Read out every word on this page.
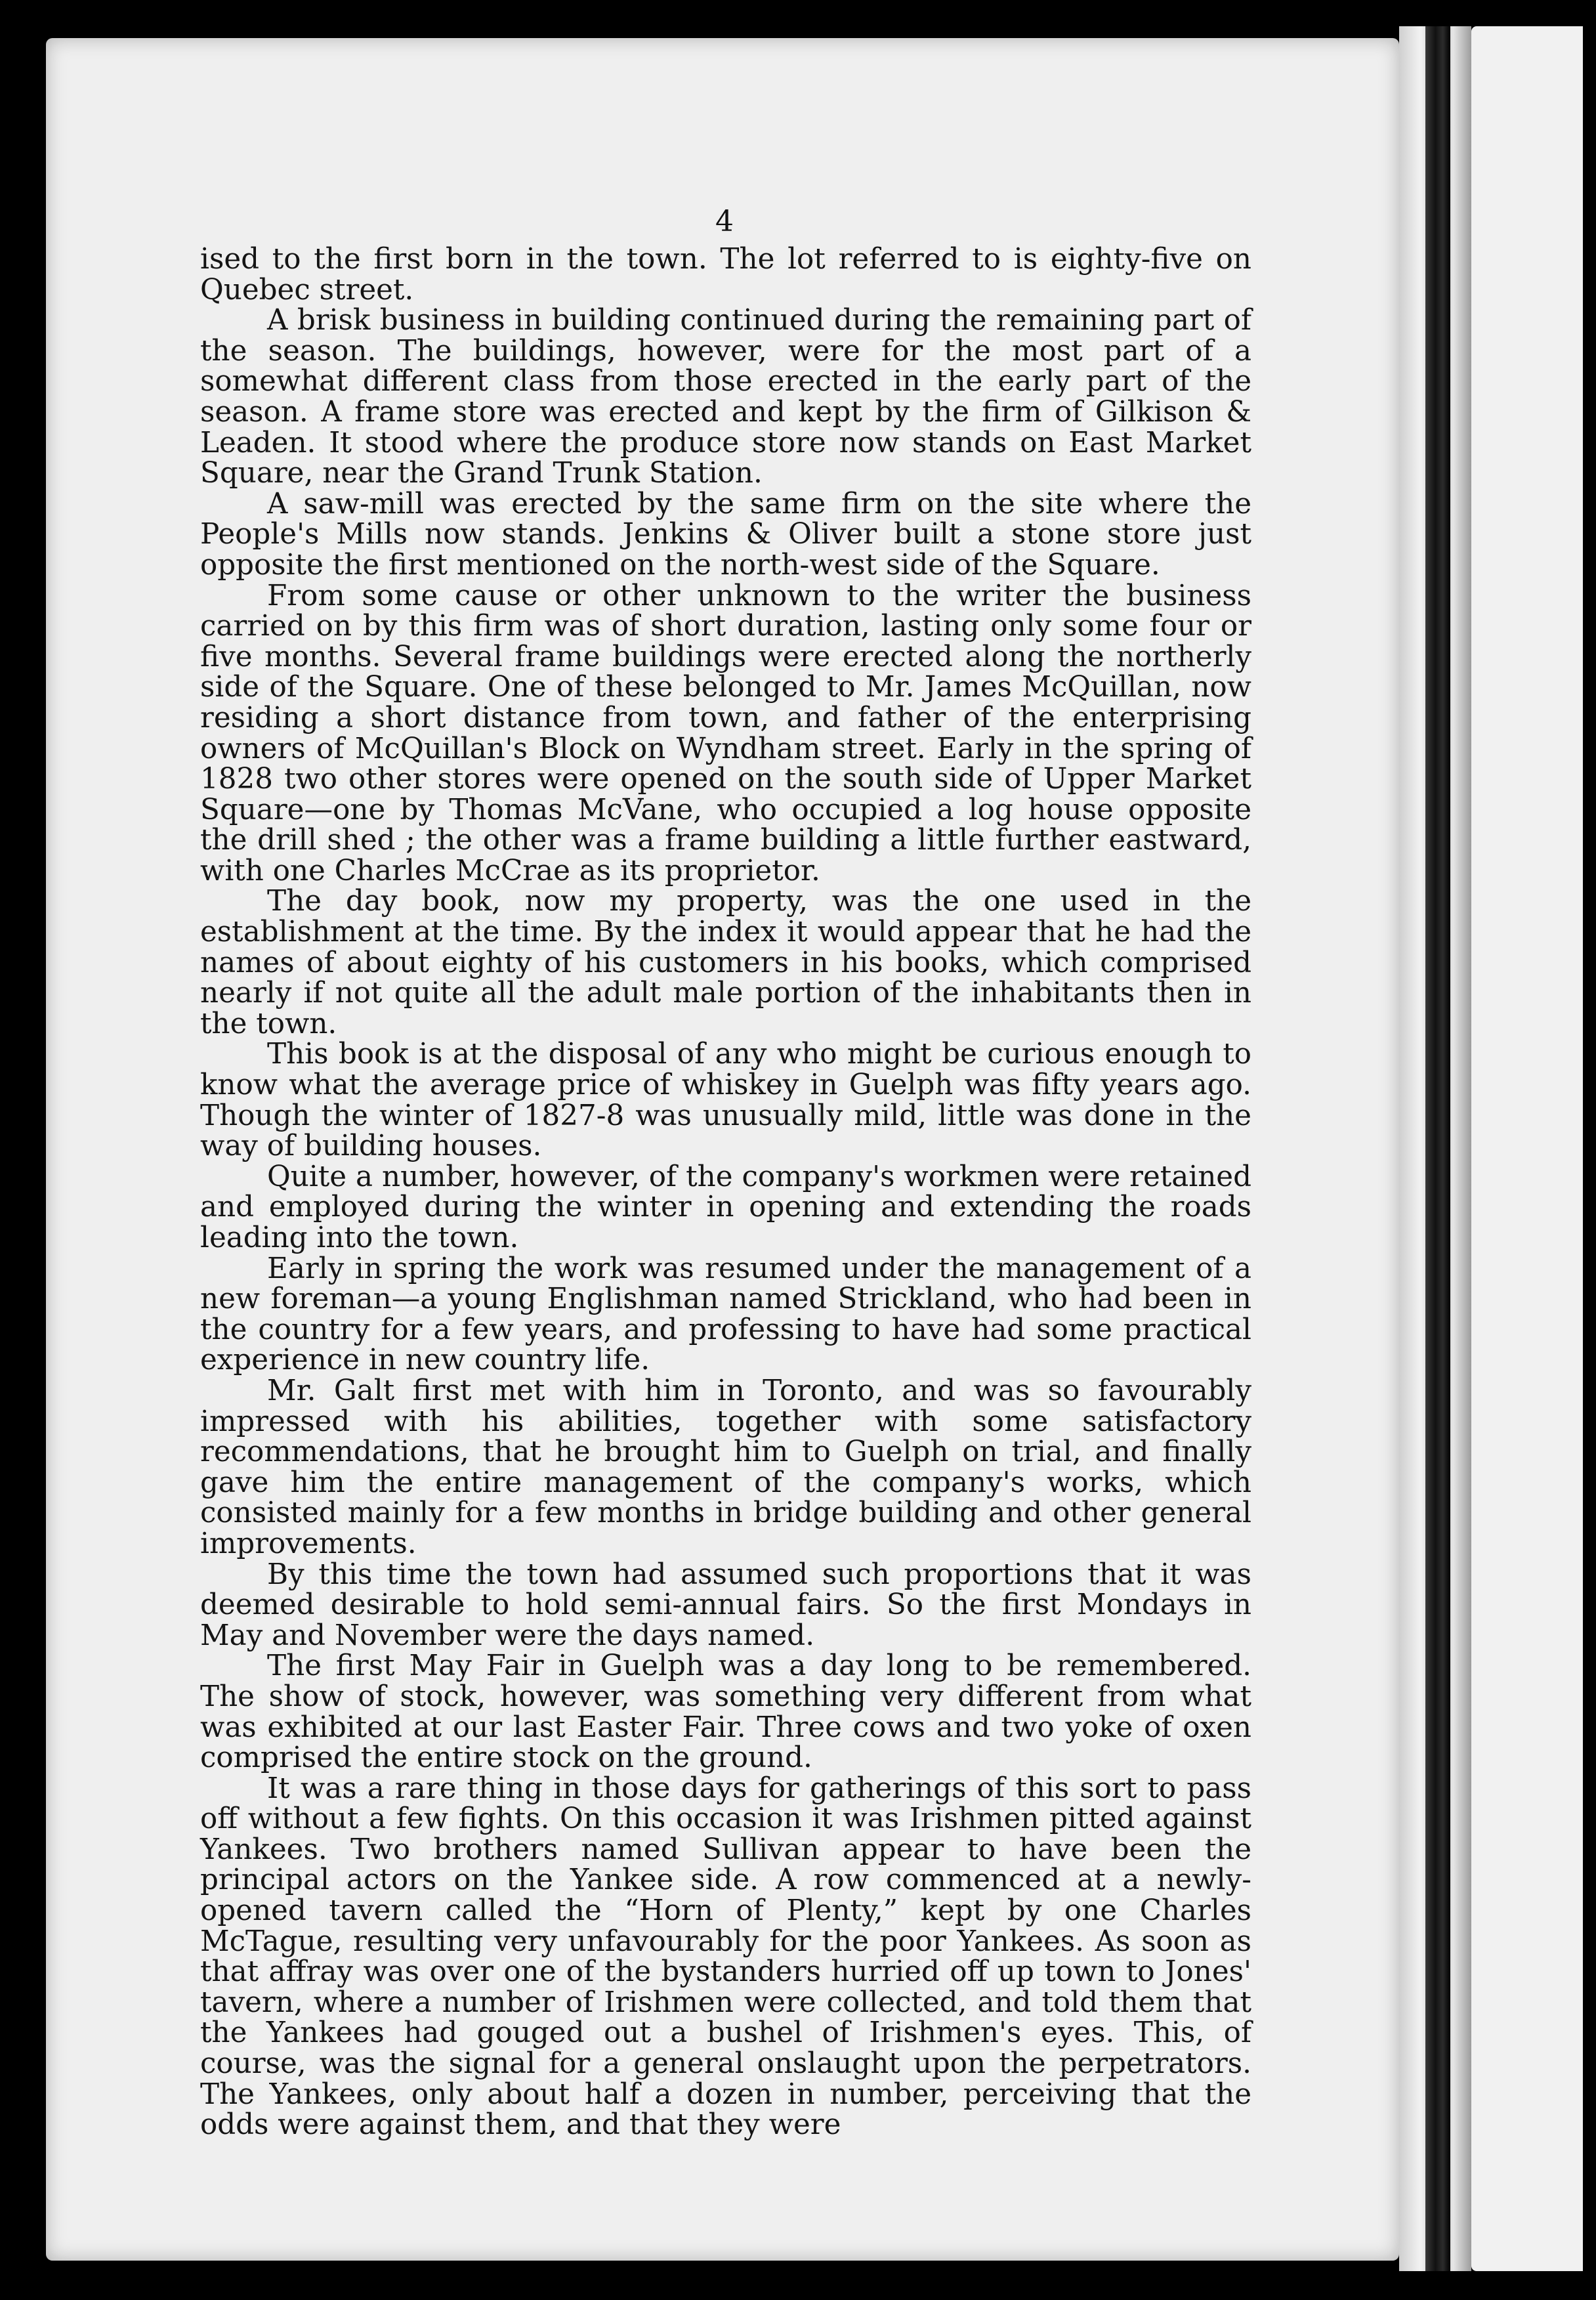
4

ised to the first born in the town. The lot referred to is eighty-five on Quebec street.

A brisk business in building continued during the remaining part of the season. The buildings, however, were for the most part of a somewhat different class from those erected in the early part of the season. A frame store was erected and kept by the firm of Gilkison & Leaden. It stood where the produce store now stands on East Market Square, near the Grand Trunk Station.

A saw-mill was erected by the same firm on the site where the People's Mills now stands. Jenkins & Oliver built a stone store just opposite the first mentioned on the north-west side of the Square.

From some cause or other unknown to the writer the business carried on by this firm was of short duration, lasting only some four or five months. Several frame buildings were erected along the northerly side of the Square. One of these belonged to Mr. James McQuillan, now residing a short distance from town, and father of the enterprising owners of McQuillan's Block on Wyndham street. Early in the spring of 1828 two other stores were opened on the south side of Upper Market Square—one by Thomas McVane, who occupied a log house opposite the drill shed ; the other was a frame building a little further eastward, with one Charles McCrae as its proprietor.

The day book, now my property, was the one used in the establishment at the time. By the index it would appear that he had the names of about eighty of his customers in his books, which comprised nearly if not quite all the adult male portion of the inhabitants then in the town.

This book is at the disposal of any who might be curious enough to know what the average price of whiskey in Guelph was fifty years ago. Though the winter of 1827-8 was unusually mild, little was done in the way of building houses.

Quite a number, however, of the company's workmen were retained and employed during the winter in opening and extending the roads leading into the town.

Early in spring the work was resumed under the management of a new foreman—a young Englishman named Strickland, who had been in the country for a few years, and professing to have had some practical experience in new country life.

Mr. Galt first met with him in Toronto, and was so favourably impressed with his abilities, together with some satisfactory recommendations, that he brought him to Guelph on trial, and finally gave him the entire management of the company's works, which consisted mainly for a few months in bridge building and other general improvements.

By this time the town had assumed such proportions that it was deemed desirable to hold semi-annual fairs. So the first Mondays in May and November were the days named.

The first May Fair in Guelph was a day long to be remembered. The show of stock, however, was something very different from what was exhibited at our last Easter Fair. Three cows and two yoke of oxen comprised the entire stock on the ground.

It was a rare thing in those days for gatherings of this sort to pass off without a few fights. On this occasion it was Irishmen pitted against Yankees. Two brothers named Sullivan appear to have been the principal actors on the Yankee side. A row commenced at a newly-opened tavern called the “Horn of Plenty,” kept by one Charles McTague, resulting very unfavourably for the poor Yankees. As soon as that affray was over one of the bystanders hurried off up town to Jones' tavern, where a number of Irishmen were collected, and told them that the Yankees had gouged out a bushel of Irishmen's eyes. This, of course, was the signal for a general onslaught upon the perpetrators. The Yankees, only about half a dozen in number, perceiving that the odds were against them, and that they were
